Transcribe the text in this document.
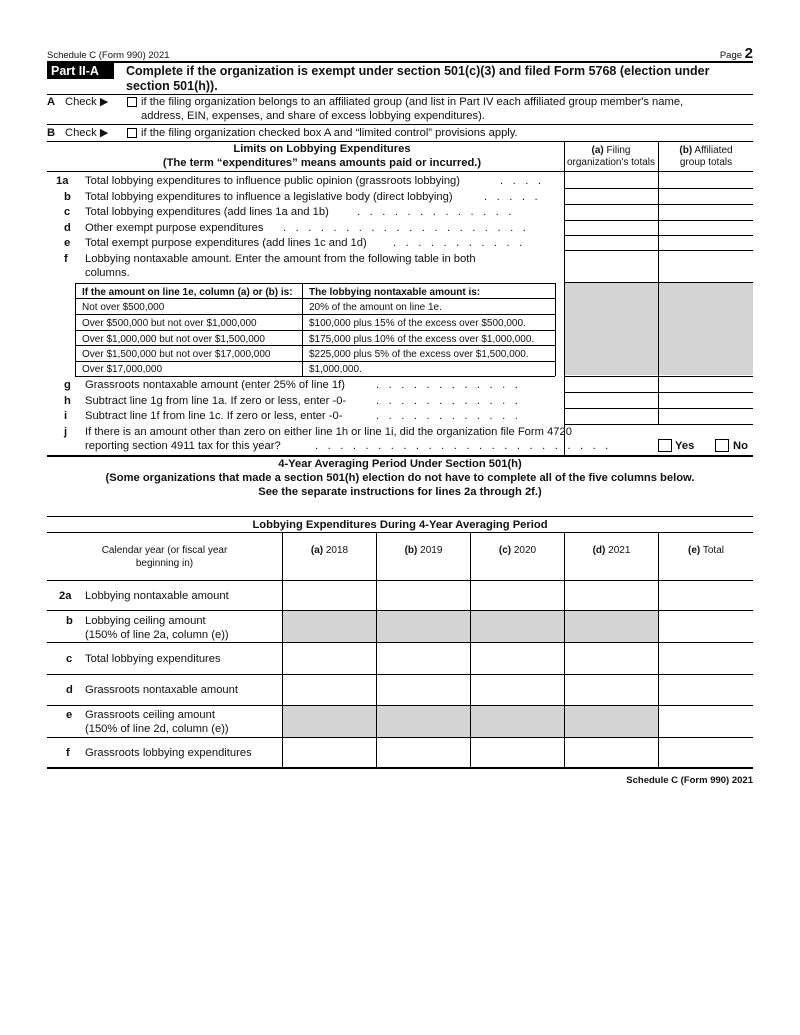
Schedule C (Form 990) 2021	Page 2
Part II-A	Complete if the organization is exempt under section 501(c)(3) and filed Form 5768 (election under
section 501(h)).
A Check ▶	if the filing organization belongs to an affiliated group (and list in Part IV each affiliated group member's name,
address, EIN, expenses, and share of excess lobbying expenditures).
B Check ▶	if the filing organization checked box A and “limited control” provisions apply.
Limits on Lobbying Expenditures
(The term “expenditures” means amounts paid or incurred.)
(a) Filing
organization's totals
(b) Affiliated
group totals
1a Total lobbying expenditures to influence public opinion (grassroots lobbying)	. . . .
b Total lobbying expenditures to influence a legislative body (direct lobbying)	. . . . .
c Total lobbying expenditures (add lines 1a and 1b)	. . . . . . . . . . . . .
d Other exempt purpose expenditures . . . . . . . . . . . . . . . . . . . .
e Total exempt purpose expenditures (add lines 1c and 1d) . . . . . . . . . . .
f Lobbying nontaxable amount. Enter the amount from the following table in both
columns.
If the amount on line 1e, column (a) or (b) is: The lobbying nontaxable amount is:
Not over $500,000	20% of the amount on line 1e.
Over $500,000 but not over $1,000,000	$100,000 plus 15% of the excess over $500,000.
Over $1,000,000 but not over $1,500,000	$175,000 plus 10% of the excess over $1,000,000.
Over $1,500,000 but not over $17,000,000	$225,000 plus 5% of the excess over $1,500,000.
Over $17,000,000	$1,000,000.
g Grassroots nontaxable amount (enter 25% of line 1f)	. . . . . . . . . . . .
h Subtract line 1g from line 1a. If zero or less, enter -0-	. . . . . . . . . . . .
i Subtract line 1f from line 1c. If zero or less, enter -0-	. . . . . . . . . . . .
j If there is an amount other than zero on either line 1h or line 1i, did the organization file Form 4720
reporting section 4911 tax for this year?	. . . . . . . . . . . . . . . . . . . . . . . .	Yes	No
4-Year Averaging Period Under Section 501(h)
(Some organizations that made a section 501(h) election do not have to complete all of the five columns below.
See the separate instructions for lines 2a through 2f.)
Lobbying Expenditures During 4-Year Averaging Period
Calendar year (or fiscal year
beginning in)
(a) 2018	(b) 2019	(c) 2020	(d) 2021	(e) Total
2a Lobbying nontaxable amount
b Lobbying ceiling amount
(150% of line 2a, column (e))
c Total lobbying expenditures
d Grassroots nontaxable amount
e Grassroots ceiling amount
(150% of line 2d, column (e))
f Grassroots lobbying expenditures
Schedule C (Form 990) 2021
